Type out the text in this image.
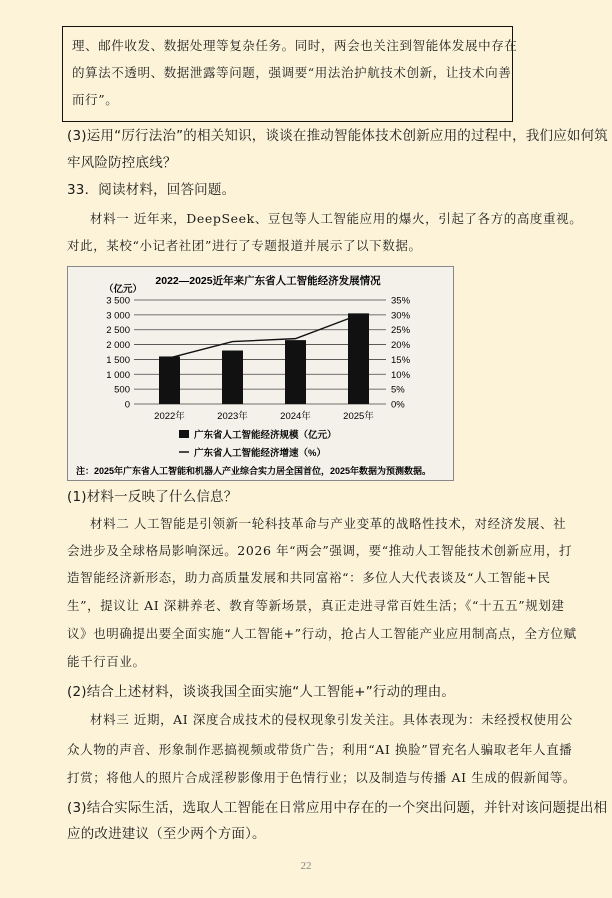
理、邮件收发、数据处理等复杂任务。同时，两会也关注到智能体发展中存在
的算法不透明、数据泄露等问题，强调要“用法治护航技术创新，让技术向善
而行”。
(3)运用“厉行法治”的相关知识，谈谈在推动智能体技术创新应用的过程中，我们应如何筑
牢风险防控底线？
33．阅读材料，回答问题。
材料一 近年来，DeepSeek、豆包等人工智能应用的爆火，引起了各方的高度重视。
对此，某校“小记者社团”进行了专题报道并展示了以下数据。
2022—2025近年来广东省人工智能经济发展情况
（亿元）
0	0%
500	5%
1 000	10%
1 500	15%
2 000	20%
2 500	25%
3 000	30%
3 500	35%
2022年	2023年	2024年	2025年
广东省人工智能经济规模（亿元）
广东省人工智能经济增速（%）
注：2025年广东省人工智能和机器人产业综合实力居全国首位，2025年数据为预测数据。
(1)材料一反映了什么信息？
材料二 人工智能是引领新一轮科技革命与产业变革的战略性技术，对经济发展、社
会进步及全球格局影响深远。2026 年“两会”强调，要“推动人工智能技术创新应用，打
造智能经济新形态，助力高质量发展和共同富裕“：多位人大代表谈及“人工智能+民
生”，提议让 AI 深耕养老、教育等新场景，真正走进寻常百姓生活；《“十五五”规划建
议》也明确提出要全面实施“人工智能+”行动，抢占人工智能产业应用制高点，全方位赋
能千行百业。
(2)结合上述材料，谈谈我国全面实施“人工智能+”行动的理由。
材料三 近期，AI 深度合成技术的侵权现象引发关注。具体表现为：未经授权使用公
众人物的声音、形象制作恶搞视频或带货广告；利用“AI 换脸”冒充名人骗取老年人直播
打赏；将他人的照片合成淫秽影像用于色情行业；以及制造与传播 AI 生成的假新闻等。
(3)结合实际生活，选取人工智能在日常应用中存在的一个突出问题，并针对该问题提出相
应的改进建议（至少两个方面）。
22
